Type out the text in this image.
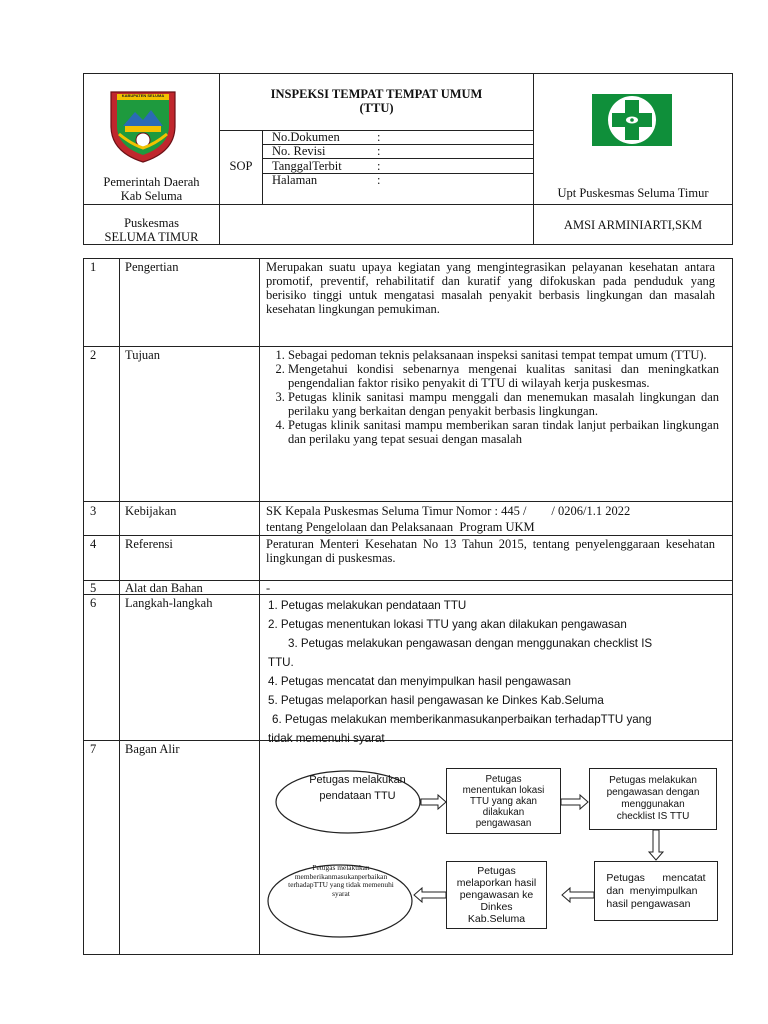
KABUPATEN SELUMA
Pemerintah Daerah
Kab Seluma
INSPEKSI TEMPAT TEMPAT UMUM
(TTU)
SOP
No.Dokumen	:
No. Revisi	:
TanggalTerbit	:
Halaman	:
Upt Puskesmas Seluma Timur
Puskesmas
SELUMA TIMUR
AMSI ARMINIARTI,SKM
1 Pengertian	Merupakan suatu upaya kegiatan yang mengintegrasikan pelayanan kesehatan antara promotif, preventif, rehabilitatif dan kuratif yang difokuskan pada penduduk yang berisiko tinggi untuk mengatasi masalah penyakit berbasis lingkungan dan masalah kesehatan lingkungan pemukiman.
2 Tujuan
1.	Sebagai pedoman teknis pelaksanaan inspeksi sanitasi tempat tempat umum (TTU).
2. Mengetahui kondisi sebenarnya mengenai kualitas sanitasi dan meningkatkan pengendalian faktor risiko penyakit di TTU di wilayah kerja puskesmas.
3. Petugas klinik sanitasi mampu menggali dan menemukan masalah lingkungan dan perilaku yang berkaitan dengan penyakit berbasis lingkungan.
4. Petugas klinik sanitasi mampu memberikan saran tindak lanjut perbaikan lingkungan dan perilaku yang tepat sesuai dengan masalah
3 Kebijakan	SK Kepala Puskesmas Seluma Timur Nomor : 445 /        / 0206/1.1 2022
tentang Pengelolaan dan Pelaksanaan  Program UKM
4 Referensi	Peraturan Menteri Kesehatan No 13 Tahun 2015, tentang penyelenggaraan kesehatan lingkungan di puskesmas.
5 Alat dan Bahan	-
6 Langkah-langkah	1. Petugas melakukan pendataan TTU
2. Petugas menentukan lokasi TTU yang akan dilakukan pengawasan
3. Petugas melakukan pengawasan dengan menggunakan checklist IS
TTU.
4. Petugas mencatat dan menyimpulkan hasil pengawasan
5. Petugas melaporkan hasil pengawasan ke Dinkes Kab.Seluma
6. Petugas melakukan memberikanmasukanperbaikan terhadapTTU yang
tidak memenuhi syarat
7 Bagan Alir
Petugas melakukan
pendataan TTU
Petugas
menentukan lokasi
TTU yang akan
dilakukan
pengawasan
Petugas melakukan
pengawasan dengan
menggunakan
checklist IS TTU
Petugas      mencatat
dan  menyimpulkan
hasil pengawasan
Petugas
melaporkan hasil
pengawasan ke
Dinkes
Kab.Seluma
Petugas melakukan
memberikanmasukanperbaikan
terhadapTTU yang tidak memenuhi
syarat
